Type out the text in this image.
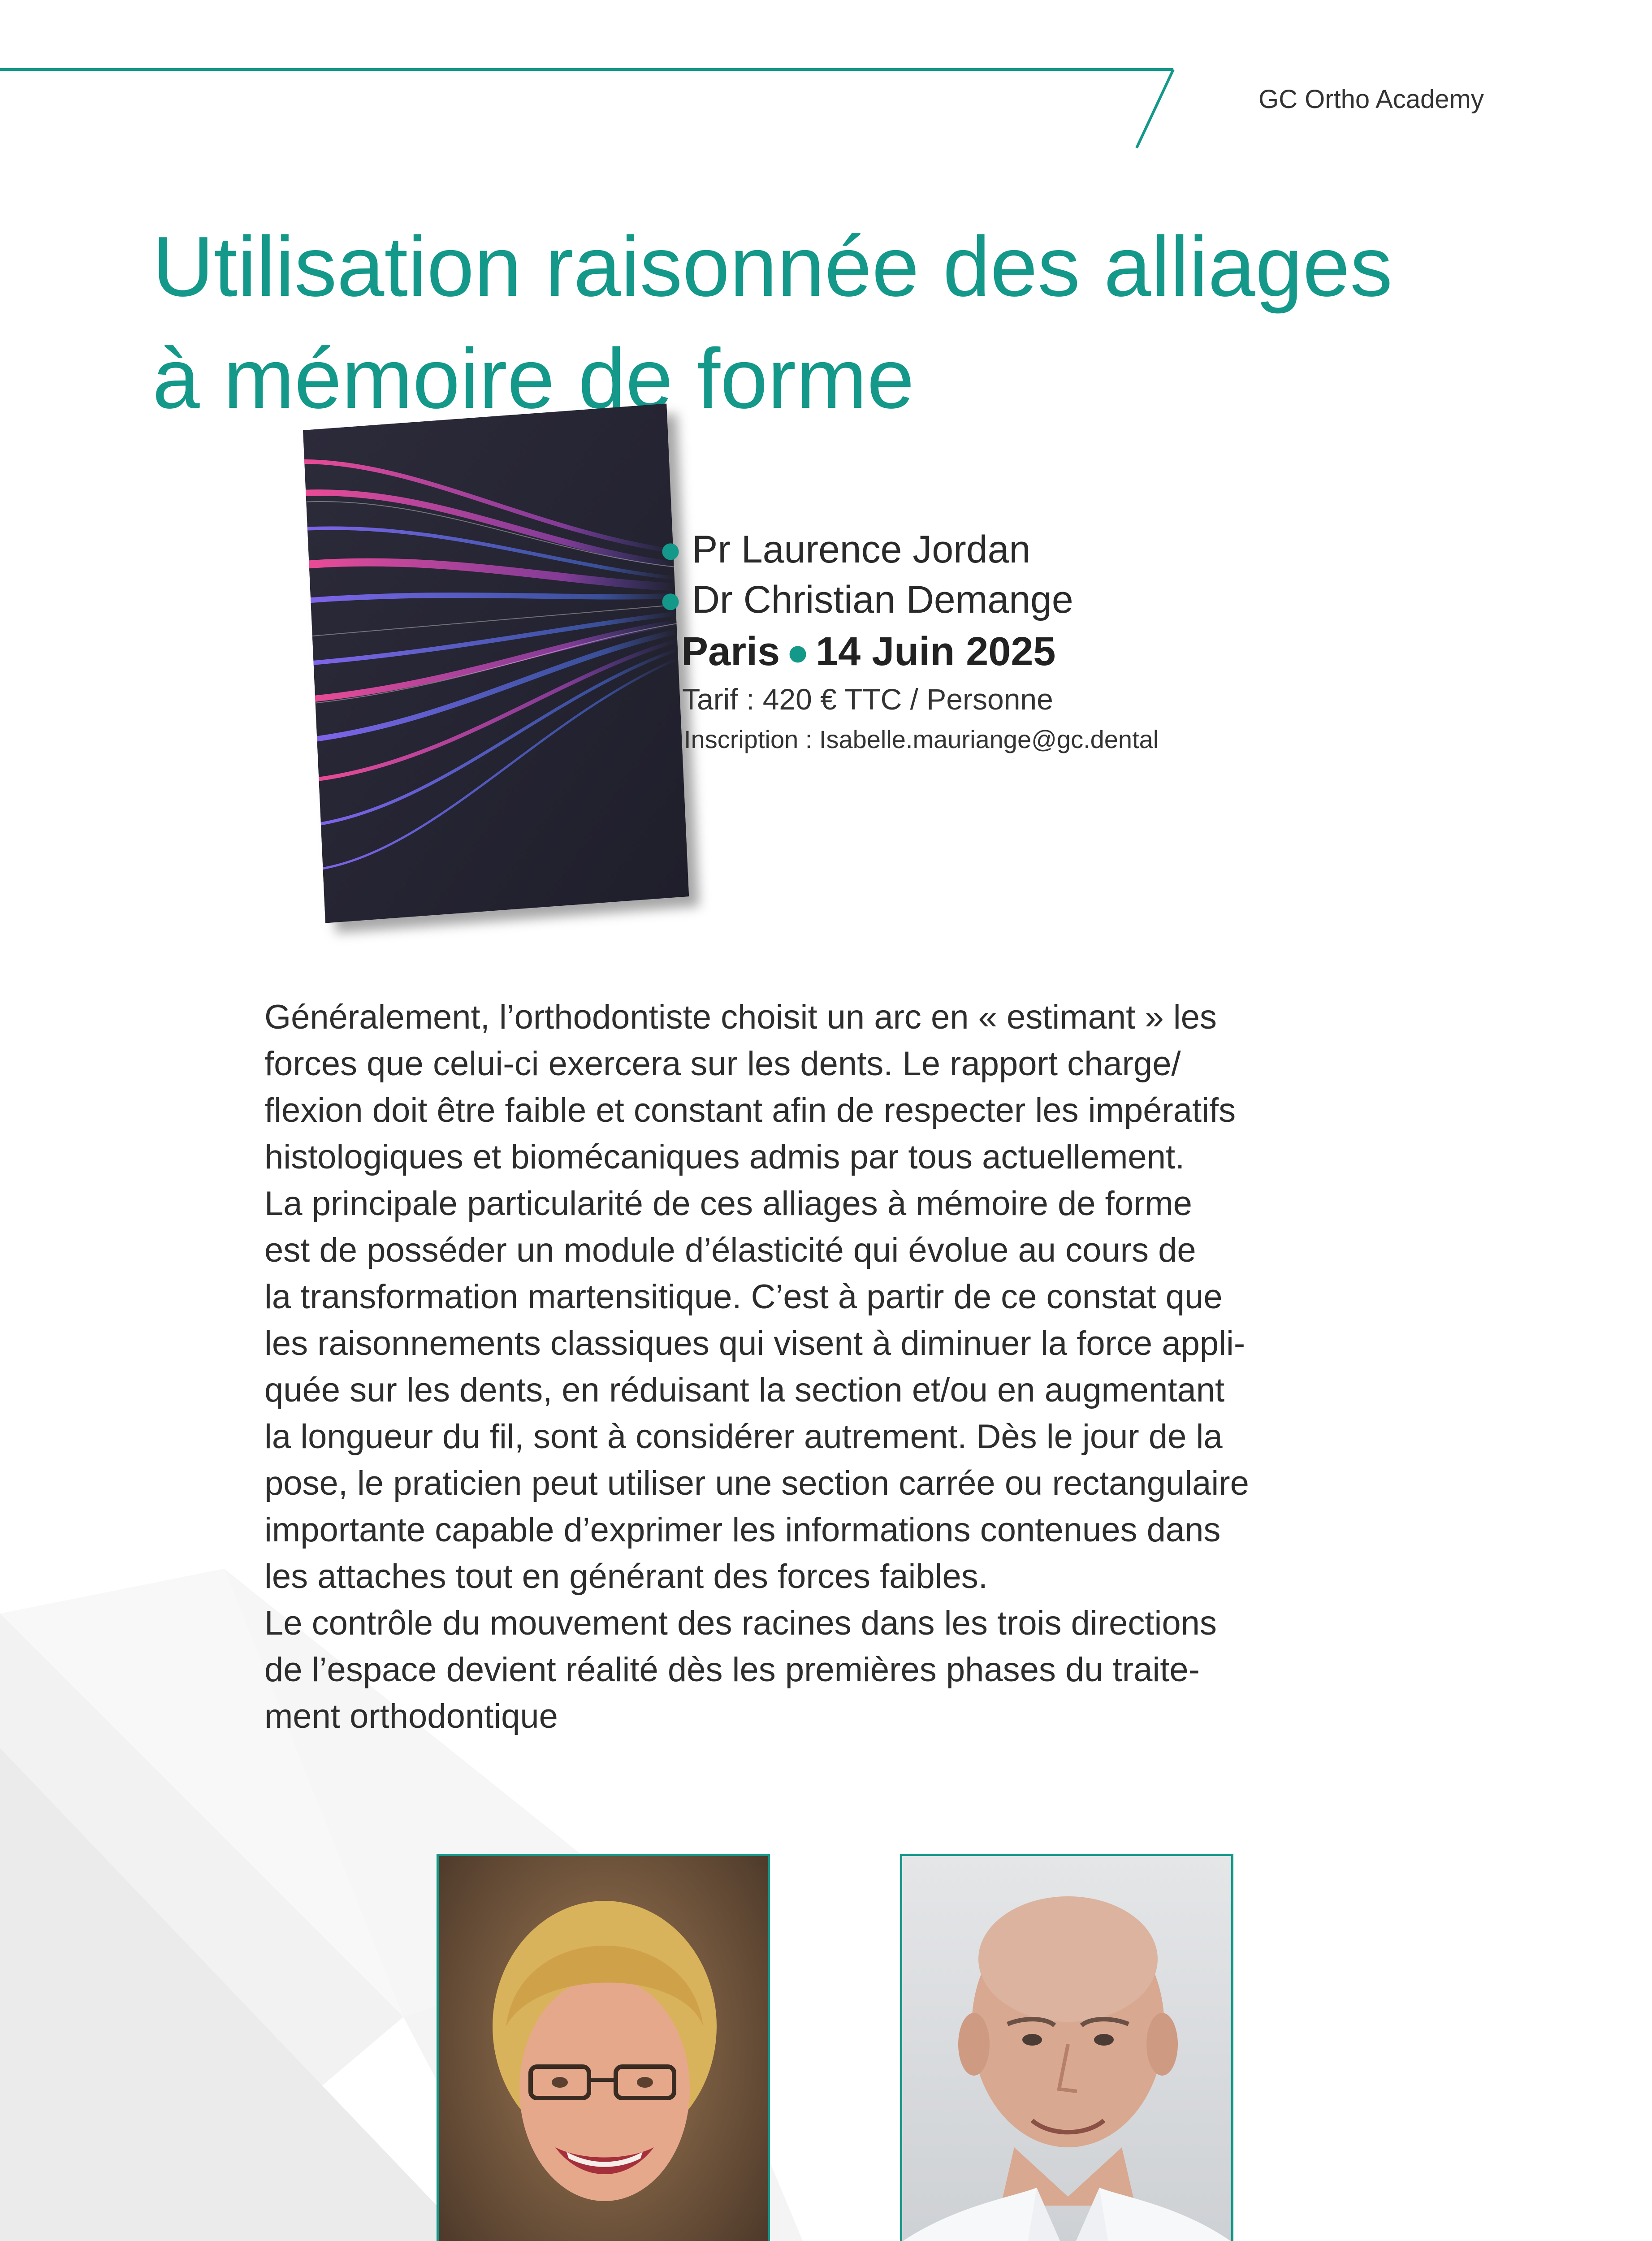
GC Ortho Academy
Utilisation raisonnée des alliages
à mémoire de forme
● Pr Laurence Jordan
● Dr Christian Demange
Paris ● 14 Juin 2025
Tarif : 420 € TTC / Personne
Inscription : Isabelle.mauriange@gc.dental

Généralement, l’orthodontiste choisit un arc en « estimant » les
forces que celui-ci exercera sur les dents. Le rapport charge/
flexion doit être faible et constant afin de respecter les impératifs
histologiques et biomécaniques admis par tous actuellement.

La principale particularité de ces alliages à mémoire de forme
est de posséder un module d’élasticité qui évolue au cours de
la transformation martensitique. C’est à partir de ce constat que
les raisonnements classiques qui visent à diminuer la force appli-
quée sur les dents, en réduisant la section et/ou en augmentant
la longueur du fil, sont à considérer autrement. Dès le jour de la
pose, le praticien peut utiliser une section carrée ou rectangulaire
importante capable d’exprimer les informations contenues dans
les attaches tout en générant des forces faibles.

Le contrôle du mouvement des racines dans les trois directions
de l’espace devient réalité dès les premières phases du traite-
ment orthodontique
